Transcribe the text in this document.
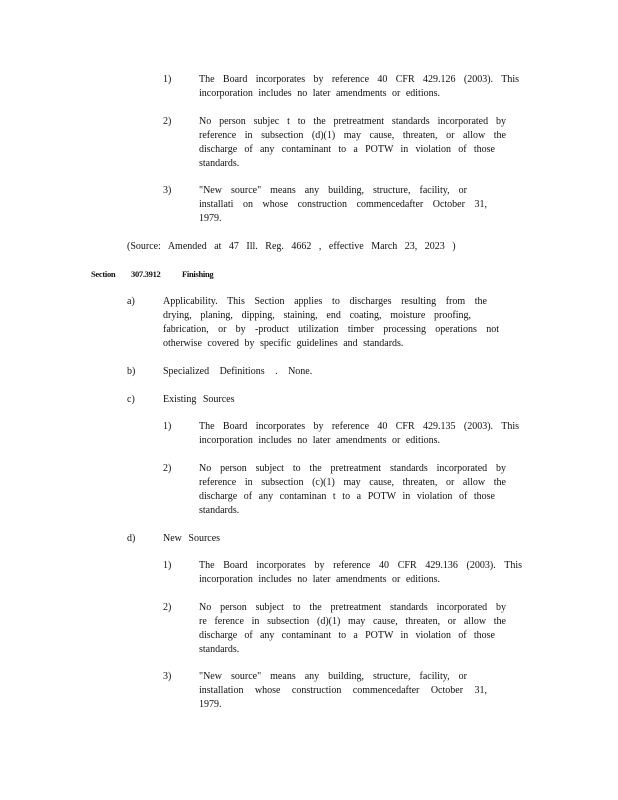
1)	The Board incorporates by reference 40 CFR 429.126 (2003). This
incorporation includes no later amendments or editions.
2)	No person subjec t to the pretreatment standards incorporated by
reference in subsection (d)(1) may cause, threaten, or allow the
discharge of any contaminant to a POTW in violation of those
standards.
3)	"New source" means any building, structure, facility, or
installati on whose construction commencedafter October 31,
1979.
(Source: Amended at 47 Ill. Reg. 4662 , effective March 23, 2023 )
Section 307.3912	Finishing
a)	Applicability. This Section applies to discharges resulting from the
drying, planing, dipping, staining, end coating, moisture proofing,
fabrication, or by -product utilization timber processing operations not
otherwise covered by specific guidelines and standards.
b)	Specialized Definitions . None.
c)	Existing Sources
1)	The Board incorporates by reference 40 CFR 429.135 (2003). This
incorporation includes no later amendments or editions.
2)	No person subject to the pretreatment standards incorporated by
reference in subsection (c)(1) may cause, threaten, or allow the
discharge of any contaminan t to a POTW in violation of those
standards.
d)	New Sources
1)	The Board incorporates by reference 40 CFR 429.136 (2003). This
incorporation includes no later amendments or editions.
2)	No person subject to the pretreatment standards incorporated by
re ference in subsection (d)(1) may cause, threaten, or allow the
discharge of any contaminant to a POTW in violation of those
standards.
3)	"New source" means any building, structure, facility, or
installation whose construction commencedafter October 31,
1979.
